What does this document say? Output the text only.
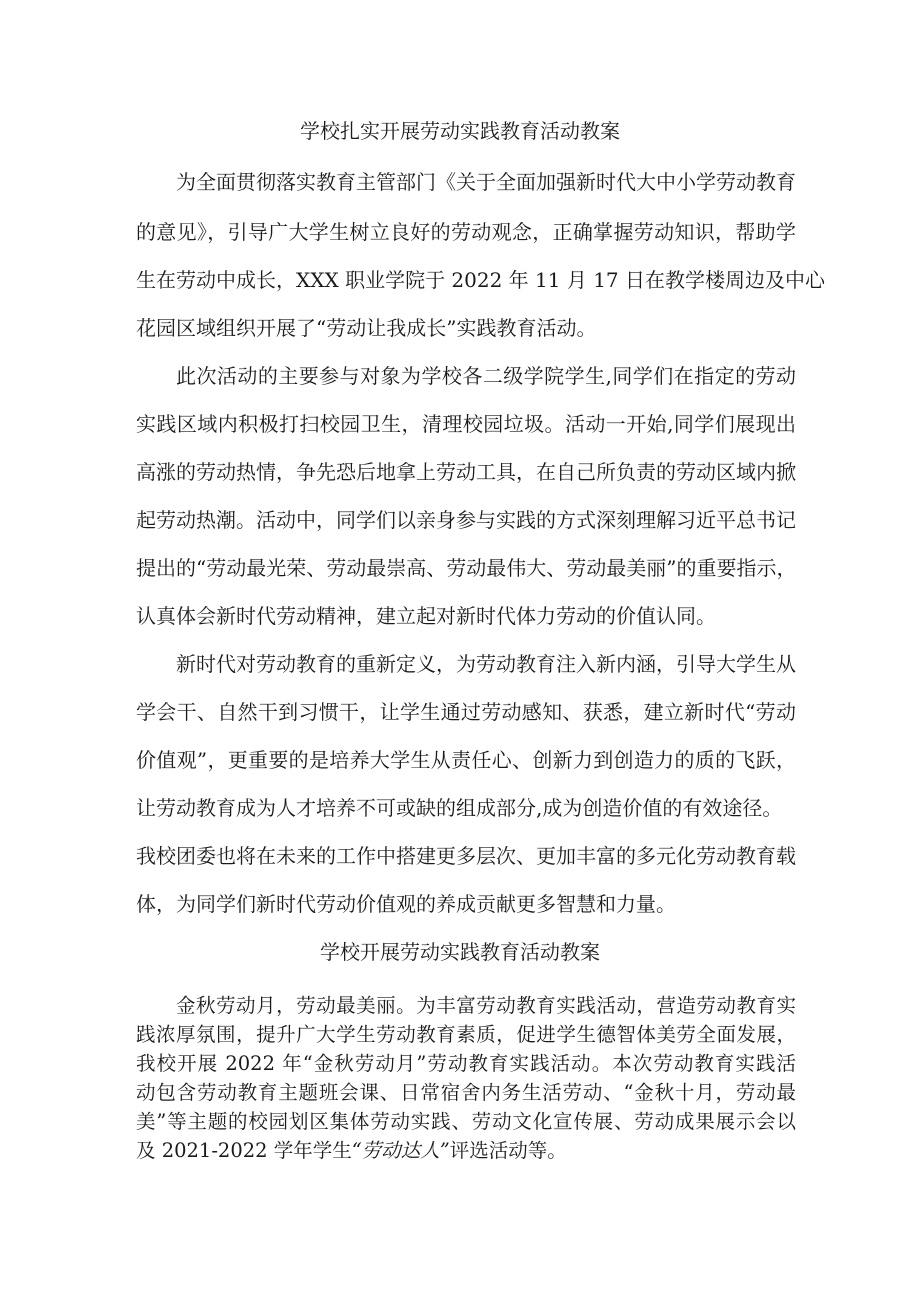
学校扎实开展劳动实践教育活动教案

为全面贯彻落实教育主管部门《关于全面加强新时代大中小学劳动教育

的意见》，引导广大学生树立良好的劳动观念，正确掌握劳动知识，帮助学

生在劳动中成长，XXX 职业学院于 2022 年 11 月 17 日在教学楼周边及中心

花园区域组织开展了“劳动让我成长”实践教育活动。

此次活动的主要参与对象为学校各二级学院学生,同学们在指定的劳动

实践区域内积极打扫校园卫生，清理校园垃圾。活动一开始,同学们展现出

高涨的劳动热情，争先恐后地拿上劳动工具，在自己所负责的劳动区域内掀

起劳动热潮。活动中，同学们以亲身参与实践的方式深刻理解习近平总书记

提出的“劳动最光荣、劳动最崇高、劳动最伟大、劳动最美丽”的重要指示，

认真体会新时代劳动精神，建立起对新时代体力劳动的价值认同。

新时代对劳动教育的重新定义，为劳动教育注入新内涵，引导大学生从

学会干、自然干到习惯干，让学生通过劳动感知、获悉，建立新时代“劳动

价值观”，更重要的是培养大学生从责任心、创新力到创造力的质的飞跃，

让劳动教育成为人才培养不可或缺的组成部分,成为创造价值的有效途径。

我校团委也将在未来的工作中搭建更多层次、更加丰富的多元化劳动教育载

体，为同学们新时代劳动价值观的养成贡献更多智慧和力量。

学校开展劳动实践教育活动教案

金秋劳动月，劳动最美丽。为丰富劳动教育实践活动，营造劳动教育实

践浓厚氛围，提升广大学生劳动教育素质，促进学生德智体美劳全面发展，

我校开展 2022 年“金秋劳动月”劳动教育实践活动。本次劳动教育实践活

动包含劳动教育主题班会课、日常宿舍内务生活劳动、“金秋十月，劳动最

美”等主题的校园划区集体劳动实践、劳动文化宣传展、劳动成果展示会以

及 2021-2022 学年学生“劳动达人”评选活动等。
